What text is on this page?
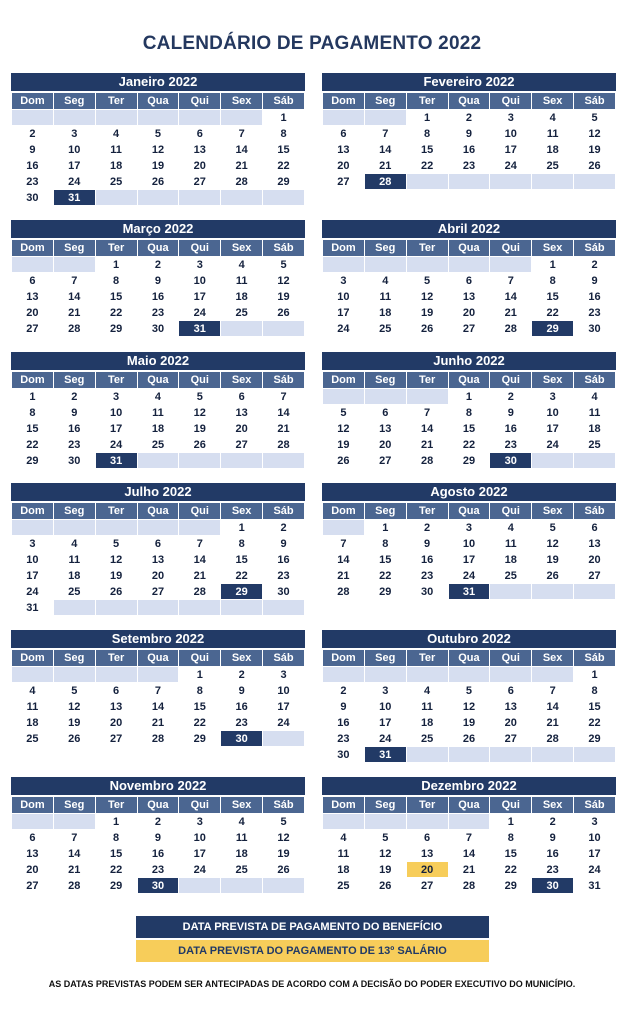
CALENDÁRIO DE PAGAMENTO 2022
Janeiro 2022
Dom	Seg	Ter	Qua	Qui	Sex	Sáb
						1
2	3	4	5	6	7	8
9	10	11	12	13	14	15
16	17	18	19	20	21	22
23	24	25	26	27	28	29
30	31					
Fevereiro 2022
Dom	Seg	Ter	Qua	Qui	Sex	Sáb
		1	2	3	4	5
6	7	8	9	10	11	12
13	14	15	16	17	18	19
20	21	22	23	24	25	26
27	28					
Março 2022
Dom	Seg	Ter	Qua	Qui	Sex	Sáb
		1	2	3	4	5
6	7	8	9	10	11	12
13	14	15	16	17	18	19
20	21	22	23	24	25	26
27	28	29	30	31		
Abril 2022
Dom	Seg	Ter	Qua	Qui	Sex	Sáb
					1	2
3	4	5	6	7	8	9
10	11	12	13	14	15	16
17	18	19	20	21	22	23
24	25	26	27	28	29	30
Maio 2022
Dom	Seg	Ter	Qua	Qui	Sex	Sáb
1	2	3	4	5	6	7
8	9	10	11	12	13	14
15	16	17	18	19	20	21
22	23	24	25	26	27	28
29	30	31				
Junho 2022
Dom	Seg	Ter	Qua	Qui	Sex	Sáb
			1	2	3	4
5	6	7	8	9	10	11
12	13	14	15	16	17	18
19	20	21	22	23	24	25
26	27	28	29	30		
Julho 2022
Dom	Seg	Ter	Qua	Qui	Sex	Sáb
					1	2
3	4	5	6	7	8	9
10	11	12	13	14	15	16
17	18	19	20	21	22	23
24	25	26	27	28	29	30
31						
Agosto 2022
Dom	Seg	Ter	Qua	Qui	Sex	Sáb
	1	2	3	4	5	6
7	8	9	10	11	12	13
14	15	16	17	18	19	20
21	22	23	24	25	26	27
28	29	30	31			
Setembro 2022
Dom	Seg	Ter	Qua	Qui	Sex	Sáb
				1	2	3
4	5	6	7	8	9	10
11	12	13	14	15	16	17
18	19	20	21	22	23	24
25	26	27	28	29	30	
Outubro 2022
Dom	Seg	Ter	Qua	Qui	Sex	Sáb
						1
2	3	4	5	6	7	8
9	10	11	12	13	14	15
16	17	18	19	20	21	22
23	24	25	26	27	28	29
30	31					
Novembro 2022
Dom	Seg	Ter	Qua	Qui	Sex	Sáb
		1	2	3	4	5
6	7	8	9	10	11	12
13	14	15	16	17	18	19
20	21	22	23	24	25	26
27	28	29	30			
Dezembro 2022
Dom	Seg	Ter	Qua	Qui	Sex	Sáb
				1	2	3
4	5	6	7	8	9	10
11	12	13	14	15	16	17
18	19	20	21	22	23	24
25	26	27	28	29	30	31
DATA PREVISTA DE PAGAMENTO DO BENEFÍCIO
DATA PREVISTA DO PAGAMENTO DE 13º SALÁRIO
AS DATAS PREVISTAS PODEM SER ANTECIPADAS DE ACORDO COM A DECISÃO DO PODER EXECUTIVO DO MUNICÍPIO.
